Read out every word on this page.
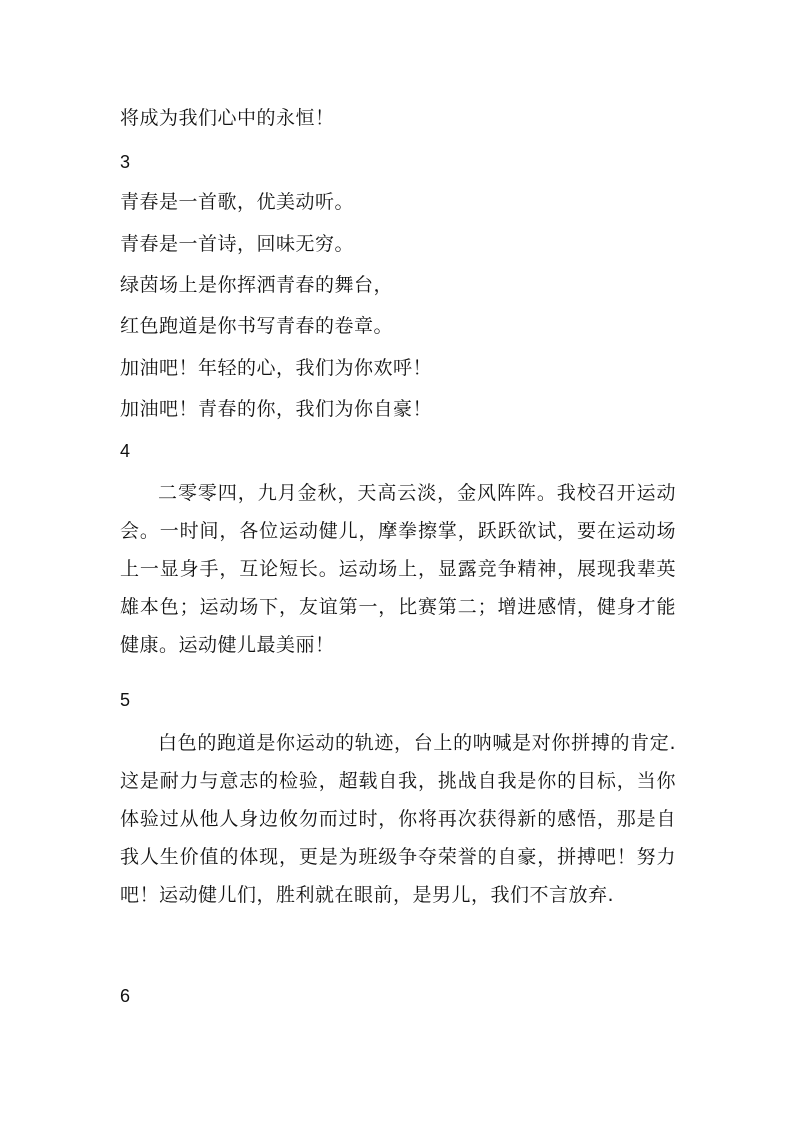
将成为我们心中的永恒！
3
青春是一首歌，优美动听。
青春是一首诗，回味无穷。
绿茵场上是你挥洒青春的舞台，
红色跑道是你书写青春的卷章。
加油吧！年轻的心，我们为你欢呼！
加油吧！青春的你，我们为你自豪！
4
二零零四，九月金秋，天高云淡，金风阵阵。我校召开运动会。一时间，各位运动健儿，摩拳擦掌，跃跃欲试，要在运动场上一显身手，互论短长。运动场上，显露竞争精神，展现我辈英雄本色；运动场下，友谊第一，比赛第二；增进感情，健身才能健康。运动健儿最美丽！
5
白色的跑道是你运动的轨迹，台上的呐喊是对你拼搏的肯定.这是耐力与意志的检验，超载自我，挑战自我是你的目标，当你体验过从他人身边攸勿而过时，你将再次获得新的感悟，那是自我人生价值的体现，更是为班级争夺荣誉的自豪，拼搏吧！努力吧！运动健儿们，胜利就在眼前，是男儿，我们不言放弃.
6
